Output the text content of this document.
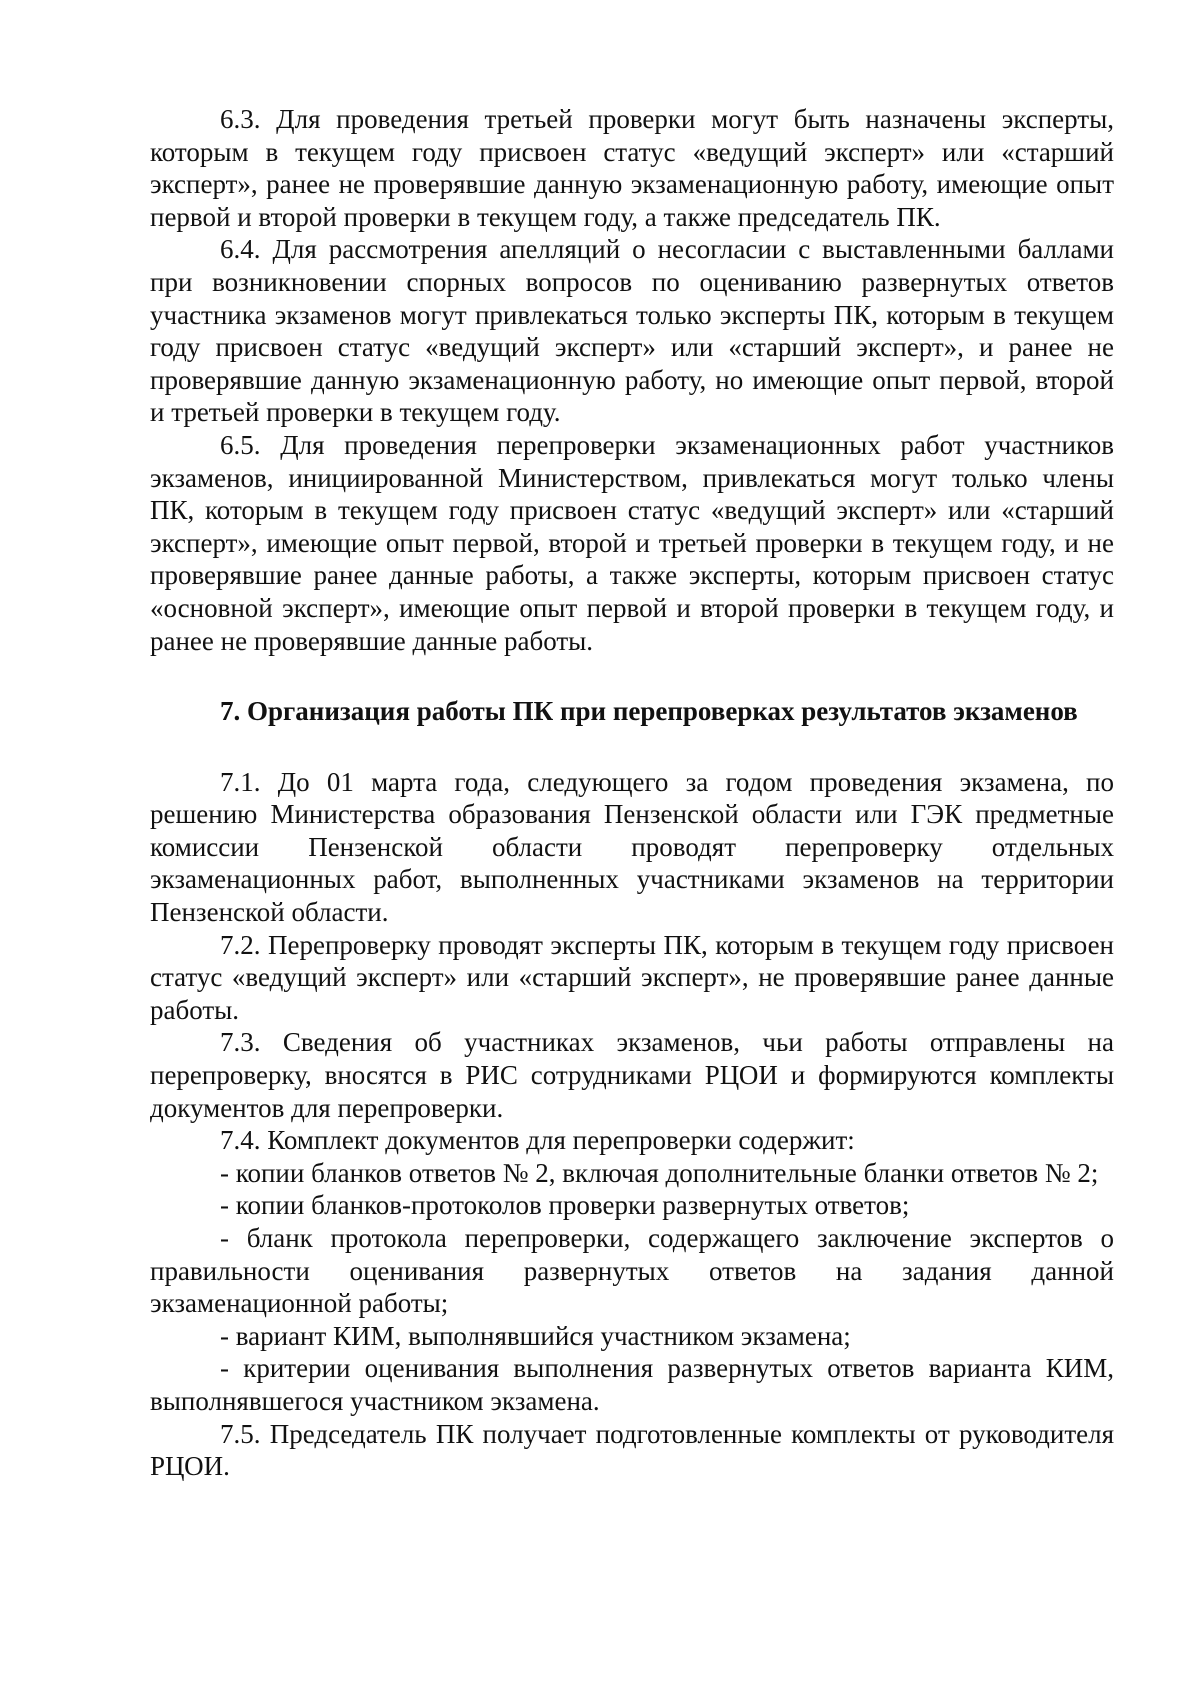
6.3. Для проведения третьей проверки могут быть назначены эксперты, которым в текущем году присвоен статус «ведущий эксперт» или «старший эксперт», ранее не проверявшие данную экзаменационную работу, имеющие опыт первой и второй проверки в текущем году, а также председатель ПК.

6.4. Для рассмотрения апелляций о несогласии с выставленными баллами при возникновении спорных вопросов по оцениванию развернутых ответов участника экзаменов могут привлекаться только эксперты ПК, которым в текущем году присвоен статус «ведущий эксперт» или «старший эксперт», и ранее не проверявшие данную экзаменационную работу, но имеющие опыт первой, второй и третьей проверки в текущем году.

6.5. Для проведения перепроверки экзаменационных работ участников экзаменов, инициированной Министерством, привлекаться могут только члены ПК, которым в текущем году присвоен статус «ведущий эксперт» или «старший эксперт», имеющие опыт первой, второй и третьей проверки в текущем году, и не проверявшие ранее данные работы, а также эксперты, которым присвоен статус «основной эксперт», имеющие опыт первой и второй проверки в текущем году, и ранее не проверявшие данные работы.

7. Организация работы ПК при перепроверках результатов экзаменов

7.1. До 01 марта года, следующего за годом проведения экзамена, по решению Министерства образования Пензенской области или ГЭК предметные комиссии Пензенской области проводят перепроверку отдельных экзаменационных работ, выполненных участниками экзаменов на территории Пензенской области.

7.2. Перепроверку проводят эксперты ПК, которым в текущем году присвоен статус «ведущий эксперт» или «старший эксперт», не проверявшие ранее данные работы.

7.3. Сведения об участниках экзаменов, чьи работы отправлены на перепроверку, вносятся в РИС сотрудниками РЦОИ и формируются комплекты документов для перепроверки.

7.4. Комплект документов для перепроверки содержит:

- копии бланков ответов № 2, включая дополнительные бланки ответов № 2;

- копии бланков-протоколов проверки развернутых ответов;

- бланк протокола перепроверки, содержащего заключение экспертов о правильности оценивания развернутых ответов на задания данной экзаменационной работы;

- вариант КИМ, выполнявшийся участником экзамена;

- критерии оценивания выполнения развернутых ответов варианта КИМ, выполнявшегося участником экзамена.

7.5. Председатель ПК получает подготовленные комплекты от руководителя РЦОИ.
